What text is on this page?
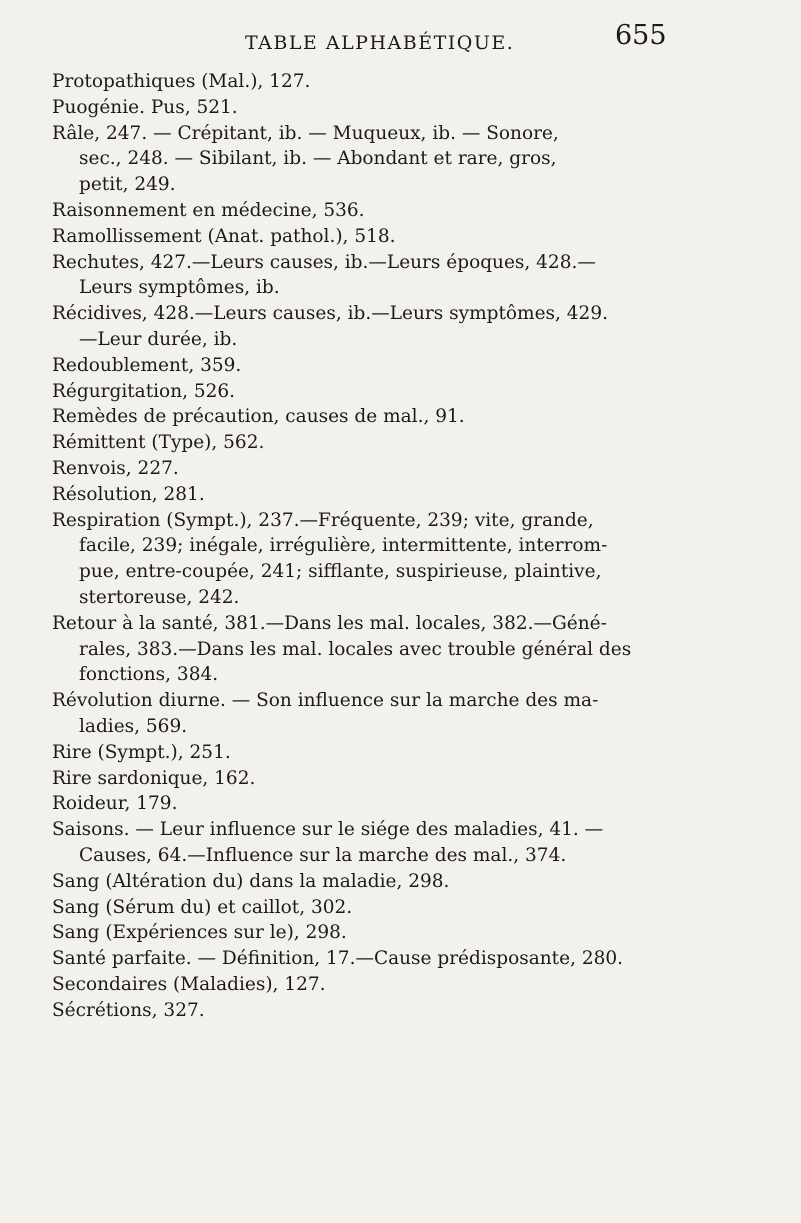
TABLE ALPHABÉTIQUE.	655
Protopathiques (Mal.), 127.
Puogénie. Pus, 521.
Râle, 247. — Crépitant, ib. — Muqueux, ib. — Sonore,
sec., 248. — Sibilant, ib. — Abondant et rare, gros,
petit, 249.
Raisonnement en médecine, 536.
Ramollissement (Anat. pathol.), 518.
Rechutes, 427.—Leurs causes, ib.—Leurs époques, 428.—
Leurs symptômes, ib.
Récidives, 428.—Leurs causes, ib.—Leurs symptômes, 429.
—Leur durée, ib.
Redoublement, 359.
Régurgitation, 526.
Remèdes de précaution, causes de mal., 91.
Rémittent (Type), 562.
Renvois, 227.
Résolution, 281.
Respiration (Sympt.), 237.—Fréquente, 239; vite, grande,
facile, 239; inégale, irrégulière, intermittente, interrom-
pue, entre-coupée, 241; sifflante, suspirieuse, plaintive,
stertoreuse, 242.
Retour à la santé, 381.—Dans les mal. locales, 382.—Géné-
rales, 383.—Dans les mal. locales avec trouble général des
fonctions, 384.
Révolution diurne. — Son influence sur la marche des ma-
ladies, 569.
Rire (Sympt.), 251.
Rire sardonique, 162.
Roideur, 179.
Saisons. — Leur influence sur le siége des maladies, 41. —
Causes, 64.—Influence sur la marche des mal., 374.
Sang (Altération du) dans la maladie, 298.
Sang (Sérum du) et caillot, 302.
Sang (Expériences sur le), 298.
Santé parfaite. — Définition, 17.—Cause prédisposante, 280.
Secondaires (Maladies), 127.
Sécrétions, 327.
